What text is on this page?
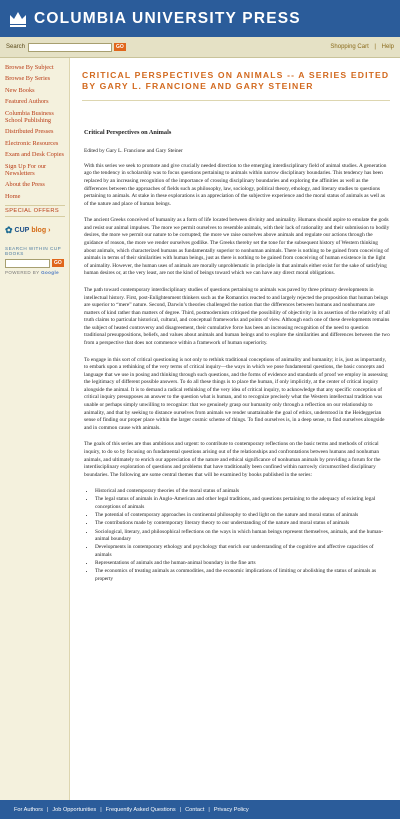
COLUMBIA UNIVERSITY PRESS
Search	GO	Shopping Cart | Help
Browse By Subject
Browse By Series
New Books
Featured Authors
Columbia Business School Publishing
Distributed Presses
Electronic Resources
Exam and Desk Copies
Sign Up For our Newsletters
About the Press
Home
SPECIAL OFFERS
✿ CUP blog ›
SEARCH WITHIN CUP BOOKS
GO
POWERED BY Google
CRITICAL PERSPECTIVES ON ANIMALS -- A SERIES EDITED BY GARY L. FRANCIONE AND GARY STEINER
Critical Perspectives on Animals
Edited by Gary L. Francione and Gary Steiner

With this series we seek to promote and give crucially needed direction to the emerging interdisciplinary field of animal studies. A generation ago the tendency in scholarship was to focus questions pertaining to animals within narrow disciplinary boundaries. This tendency has been replaced by an increasing recognition of the importance of crossing disciplinary boundaries and exploring the affinities as well as the differences between the approaches of fields such as philosophy, law, sociology, political theory, ethology, and literary studies to questions pertaining to animals. At stake in these explorations is an appreciation of the subjective experience and the moral status of animals as well as of the nature and place of human beings.

The ancient Greeks conceived of humanity as a form of life located between divinity and animality. Humans should aspire to emulate the gods and resist our animal impulses. The more we permit ourselves to resemble animals, with their lack of rationality and their submission to bodily desires, the more we permit our nature to be corrupted; the more we raise ourselves above animals and regulate our actions through the guidance of reason, the more we render ourselves godlike. The Greeks thereby set the tone for the subsequent history of Western thinking about animals, which characterized humans as fundamentally superior to nonhuman animals. There is nothing to be gained from conceiving of animals in terms of their similarities with human beings, just as there is nothing to be gained from conceiving of human existence in the light of animality. However, the human uses of animals are morally unproblematic in principle in that animals either exist for the sake of satisfying human desires or, at the very least, are not the kind of beings toward which we can have any direct moral obligations.

The path toward contemporary interdisciplinary studies of questions pertaining to animals was paved by three primary developments in intellectual history. First, post-Enlightenment thinkers such as the Romantics reacted to and largely rejected the proposition that human beings are superior to “mere” nature. Second, Darwin’s theories challenged the notion that the differences between humans and nonhumans are matters of kind rather than matters of degree. Third, postmodernism critiqued the possibility of objectivity in its assertion of the relativity of all truth claims to particular historical, cultural, and conceptual frameworks and points of view. Although each one of these developments remains the subject of heated controversy and disagreement, their cumulative force has been an increasing recognition of the need to question traditional presuppositions, beliefs, and values about animals and human beings and to explore the similarities and differences between the two from a perspective that does not commence within a framework of human superiority.

To engage in this sort of critical questioning is not only to rethink traditional conceptions of animality and humanity; it is, just as importantly, to embark upon a rethinking of the very terms of critical inquiry—the ways in which we pose fundamental questions, the basic concepts and language that we use in posing and thinking through such questions, and the forms of evidence and standards of proof we employ in assessing the legitimacy of different possible answers. To do all these things is to place the human, if only implicitly, at the center of critical inquiry alongside the animal. It is to demand a radical rethinking of the very idea of critical inquiry, to acknowledge that any specific conception of critical inquiry presupposes an answer to the question what is human, and to recognize precisely what the Western intellectual tradition was unable or perhaps simply unwilling to recognize: that we genuinely grasp our humanity only through a reflection on our relationship to animality, and that by seeking to distance ourselves from animals we render unattainable the goal of ethics, understood in the Heideggerian sense of finding our proper place within the larger cosmic scheme of things. To find ourselves is, in a deep sense, to find ourselves alongside and in common cause with animals.

The goals of this series are thus ambitious and urgent: to contribute to contemporary reflections on the basic terms and methods of critical inquiry, to do so by focusing on fundamental questions arising out of the relationships and confrontations between humans and nonhuman animals, and ultimately to enrich our appreciation of the nature and ethical significance of nonhuman animals by providing a forum for the interdisciplinary exploration of questions and problems that have traditionally been confined within narrowly circumscribed disciplinary boundaries. The following are some central themes that will be examined by books published in the series:

• Historical and contemporary theories of the moral status of animals
• The legal status of animals in Anglo-American and other legal traditions, and questions pertaining to the adequacy of existing legal conceptions of animals
• The potential of contemporary approaches in continental philosophy to shed light on the nature and moral status of animals
• The contributions made by contemporary literary theory to our understanding of the nature and moral status of animals
• Sociological, literary, and philosophical reflections on the ways in which human beings represent themselves, animals, and the human-animal boundary
• Developments in contemporary ethology and psychology that enrich our understanding of the cognitive and affective capacities of animals
• Representations of animals and the human-animal boundary in the fine arts
• The economics of treating animals as commodities, and the economic implications of limiting or abolishing the status of animals as property
For Authors | Job Opportunities | Frequently Asked Questions | Contact | Privacy Policy
